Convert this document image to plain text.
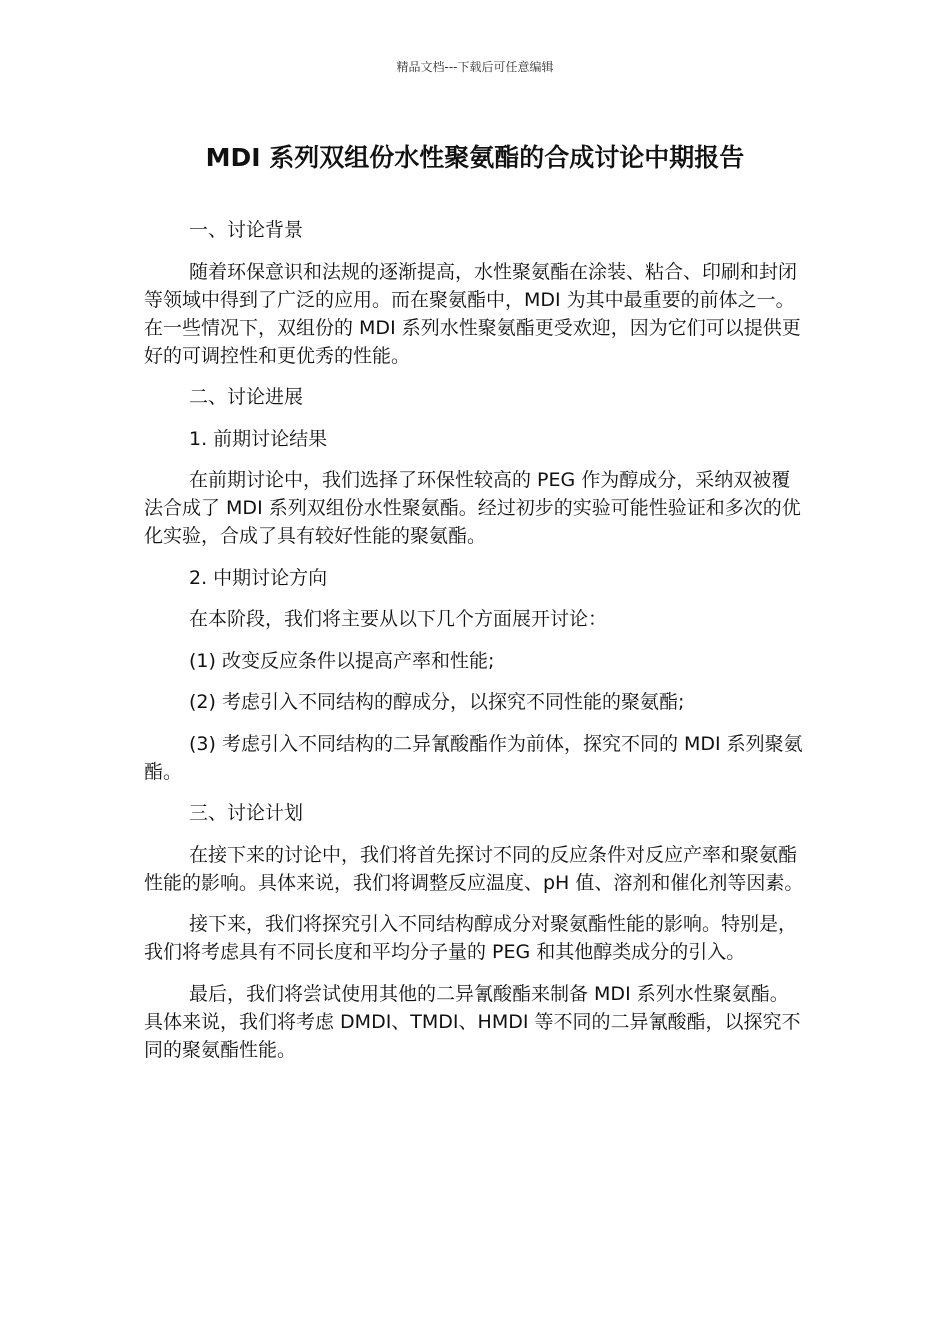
精品文档---下载后可任意编辑
MDI 系列双组份水性聚氨酯的合成讨论中期报告

一、讨论背景

随着环保意识和法规的逐渐提高，水性聚氨酯在涂装、粘合、印刷和封闭等领域中得到了广泛的应用。而在聚氨酯中，MDI 为其中最重要的前体之一。在一些情况下，双组份的 MDI 系列水性聚氨酯更受欢迎，因为它们可以提供更好的可调控性和更优秀的性能。

二、讨论进展

1. 前期讨论结果

在前期讨论中，我们选择了环保性较高的 PEG 作为醇成分，采纳双被覆法合成了 MDI 系列双组份水性聚氨酯。经过初步的实验可能性验证和多次的优化实验，合成了具有较好性能的聚氨酯。

2. 中期讨论方向

在本阶段，我们将主要从以下几个方面展开讨论：

(1) 改变反应条件以提高产率和性能;

(2) 考虑引入不同结构的醇成分，以探究不同性能的聚氨酯;

(3) 考虑引入不同结构的二异氰酸酯作为前体，探究不同的 MDI 系列聚氨酯。

三、讨论计划

在接下来的讨论中，我们将首先探讨不同的反应条件对反应产率和聚氨酯性能的影响。具体来说，我们将调整反应温度、pH 值、溶剂和催化剂等因素。

接下来，我们将探究引入不同结构醇成分对聚氨酯性能的影响。特别是，我们将考虑具有不同长度和平均分子量的 PEG 和其他醇类成分的引入。

最后，我们将尝试使用其他的二异氰酸酯来制备 MDI 系列水性聚氨酯。具体来说，我们将考虑 DMDI、TMDI、HMDI 等不同的二异氰酸酯，以探究不同的聚氨酯性能。
